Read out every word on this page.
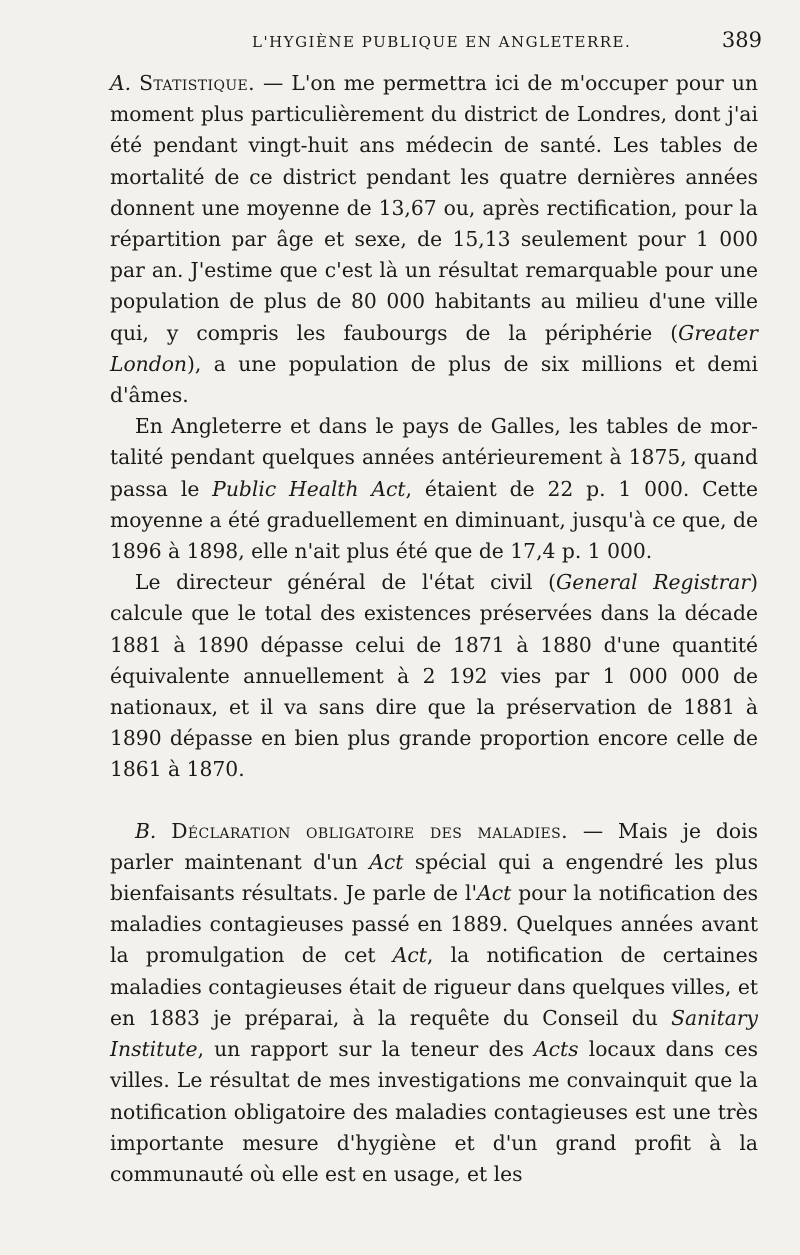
L'HYGIÈNE PUBLIQUE EN ANGLETERRE.	389

A. Statistique. — L'on me permettra ici de m'occuper pour un moment plus particulièrement du district de Londres, dont j'ai été pendant vingt-huit ans médecin de santé. Les tables de mortalité de ce district pendant les quatre dernières années donnent une moyenne de 13,67 ou, après rectification, pour la répartition par âge et sexe, de 15,13 seulement pour 1 000 par an. J'estime que c'est là un résultat remarquable pour une population de plus de 80 000 habitants au milieu d'une ville qui, y compris les faubourgs de la périphérie (Greater London), a une population de plus de six millions et demi d'âmes.

En Angleterre et dans le pays de Galles, les tables de mortalité pendant quelques années antérieurement à 1875, quand passa le Public Health Act, étaient de 22 p. 1 000. Cette moyenne a été graduellement en diminuant, jusqu'à ce que, de 1896 à 1898, elle n'ait plus été que de 17,4 p. 1 000.

Le directeur général de l'état civil (General Registrar) calcule que le total des existences préservées dans la décade 1881 à 1890 dépasse celui de 1871 à 1880 d'une quantité équivalente annuellement à 2 192 vies par 1 000 000 de nationaux, et il va sans dire que la préservation de 1881 à 1890 dépasse en bien plus grande proportion encore celle de 1861 à 1870.

B. Déclaration obligatoire des maladies. — Mais je dois parler maintenant d'un Act spécial qui a engendré les plus bienfaisants résultats. Je parle de l'Act pour la notification des maladies contagieuses passé en 1889. Quelques années avant la promulgation de cet Act, la notification de certaines maladies contagieuses était de rigueur dans quelques villes, et en 1883 je préparai, à la requête du Conseil du Sanitary Institute, un rapport sur la teneur des Acts locaux dans ces villes. Le résultat de mes investigations me convainquit que la notification obligatoire des maladies contagieuses est une très importante mesure d'hygiène et d'un grand profit à la communauté où elle est en usage, et les
